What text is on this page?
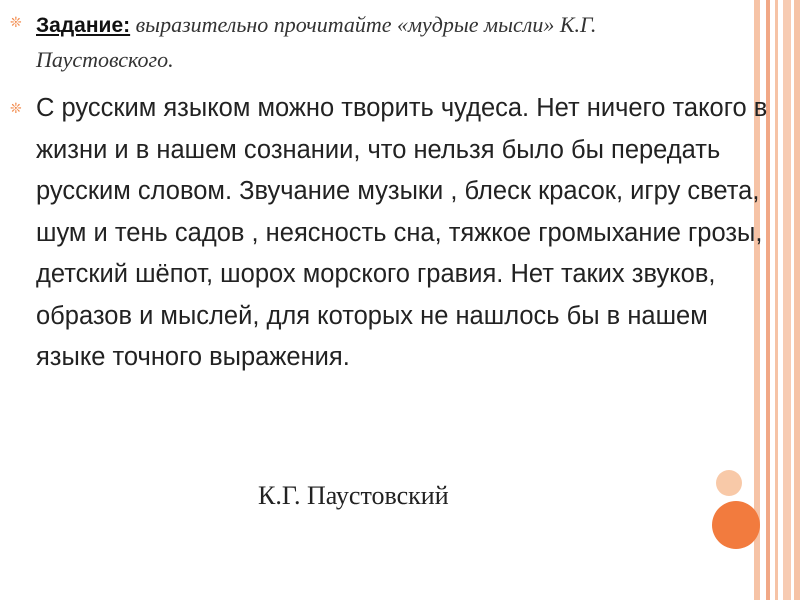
❊ Задание: выразительно прочитайте «мудрые мысли» К.Г. Паустовского.
❊ С русским языком можно творить чудеса. Нет ничего такого в жизни и в нашем сознании, что нельзя было бы передать русским словом. Звучание музыки , блеск красок, игру света, шум и тень садов , неясность сна, тяжкое громыхание грозы, детский шёпот, шорох морского гравия. Нет таких звуков, образов и мыслей, для которых не нашлось бы в нашем языке точного выражения.

К.Г. Паустовский
